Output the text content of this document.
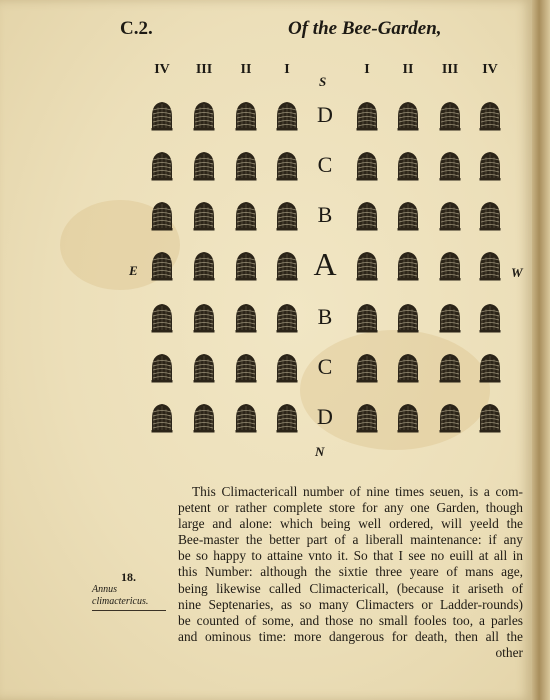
C.2.	Of the Bee-Garden,
IV	III	II	I	I	II	III	IV
D
C
B
A
B
C
D
S
N
E	W
This Climactericall number of nine times seuen, is a com-
petent or rather complete store for any one Garden, though
large and alone: which being well ordered, will yeeld the
Bee-master the better part of a liberall maintenance: if any
be so happy to attaine vnto it. So that I see no euill at all in
this Number: although the sixtie three yeare of mans age,
being likewise called Climactericall, (because it ariseth of
nine Septenaries, as so many Climacters or Ladder-rounds)
be counted of some, and those no small fooles too, a parles
and ominous time: more dangerous for death, then all the
other
18.
Annus climactericus.
